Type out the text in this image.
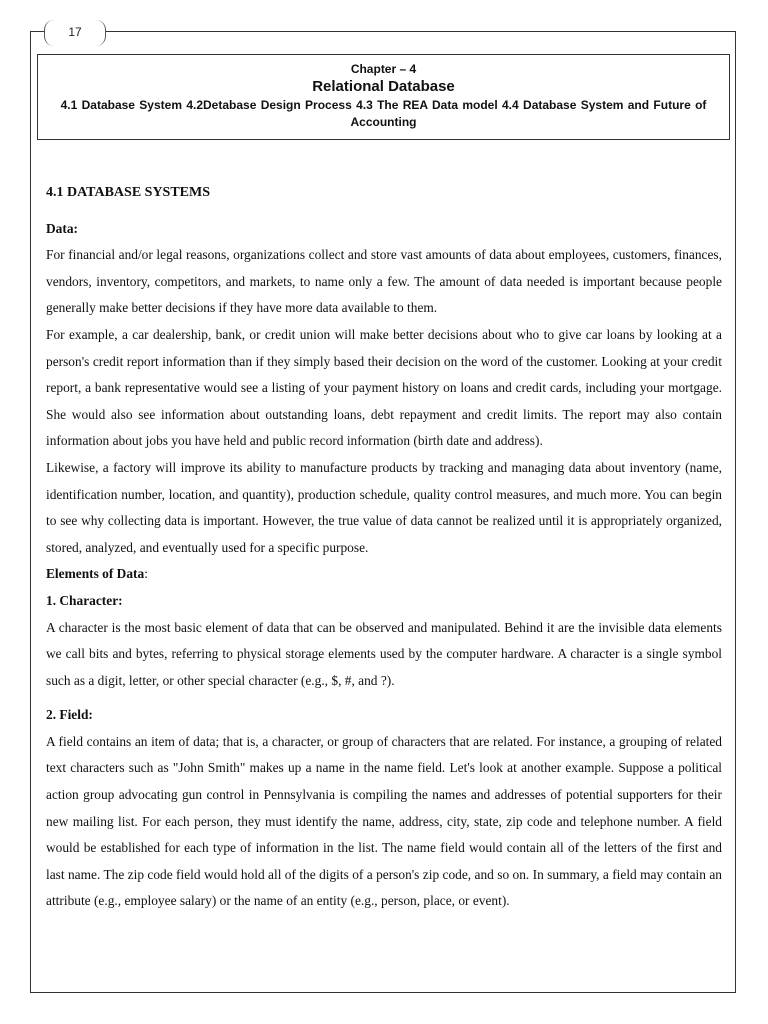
17
Chapter – 4
Relational Database
4.1 Database System 4.2Detabase Design Process 4.3 The REA Data model 4.4 Database System and Future of Accounting

4.1 DATABASE SYSTEMS

Data:

For financial and/or legal reasons, organizations collect and store vast amounts of data about employees, customers, finances, vendors, inventory, competitors, and markets, to name only a few. The amount of data needed is important because people generally make better decisions if they have more data available to them.

For example, a car dealership, bank, or credit union will make better decisions about who to give car loans by looking at a person's credit report information than if they simply based their decision on the word of the customer. Looking at your credit report, a bank representative would see a listing of your payment history on loans and credit cards, including your mortgage. She would also see information about outstanding loans, debt repayment and credit limits. The report may also contain information about jobs you have held and public record information (birth date and address).

Likewise, a factory will improve its ability to manufacture products by tracking and managing data about inventory (name, identification number, location, and quantity), production schedule, quality control measures, and much more. You can begin to see why collecting data is important. However, the true value of data cannot be realized until it is appropriately organized, stored, analyzed, and eventually used for a specific purpose.

Elements of Data:

1. Character:

A character is the most basic element of data that can be observed and manipulated. Behind it are the invisible data elements we call bits and bytes, referring to physical storage elements used by the computer hardware. A character is a single symbol such as a digit, letter, or other special character (e.g., $, #, and ?).

2. Field:

A field contains an item of data; that is, a character, or group of characters that are related. For instance, a grouping of related text characters such as "John Smith" makes up a name in the name field. Let's look at another example. Suppose a political action group advocating gun control in Pennsylvania is compiling the names and addresses of potential supporters for their new mailing list. For each person, they must identify the name, address, city, state, zip code and telephone number. A field would be established for each type of information in the list. The name field would contain all of the letters of the first and last name. The zip code field would hold all of the digits of a person's zip code, and so on. In summary, a field may contain an attribute (e.g., employee salary) or the name of an entity (e.g., person, place, or event).
